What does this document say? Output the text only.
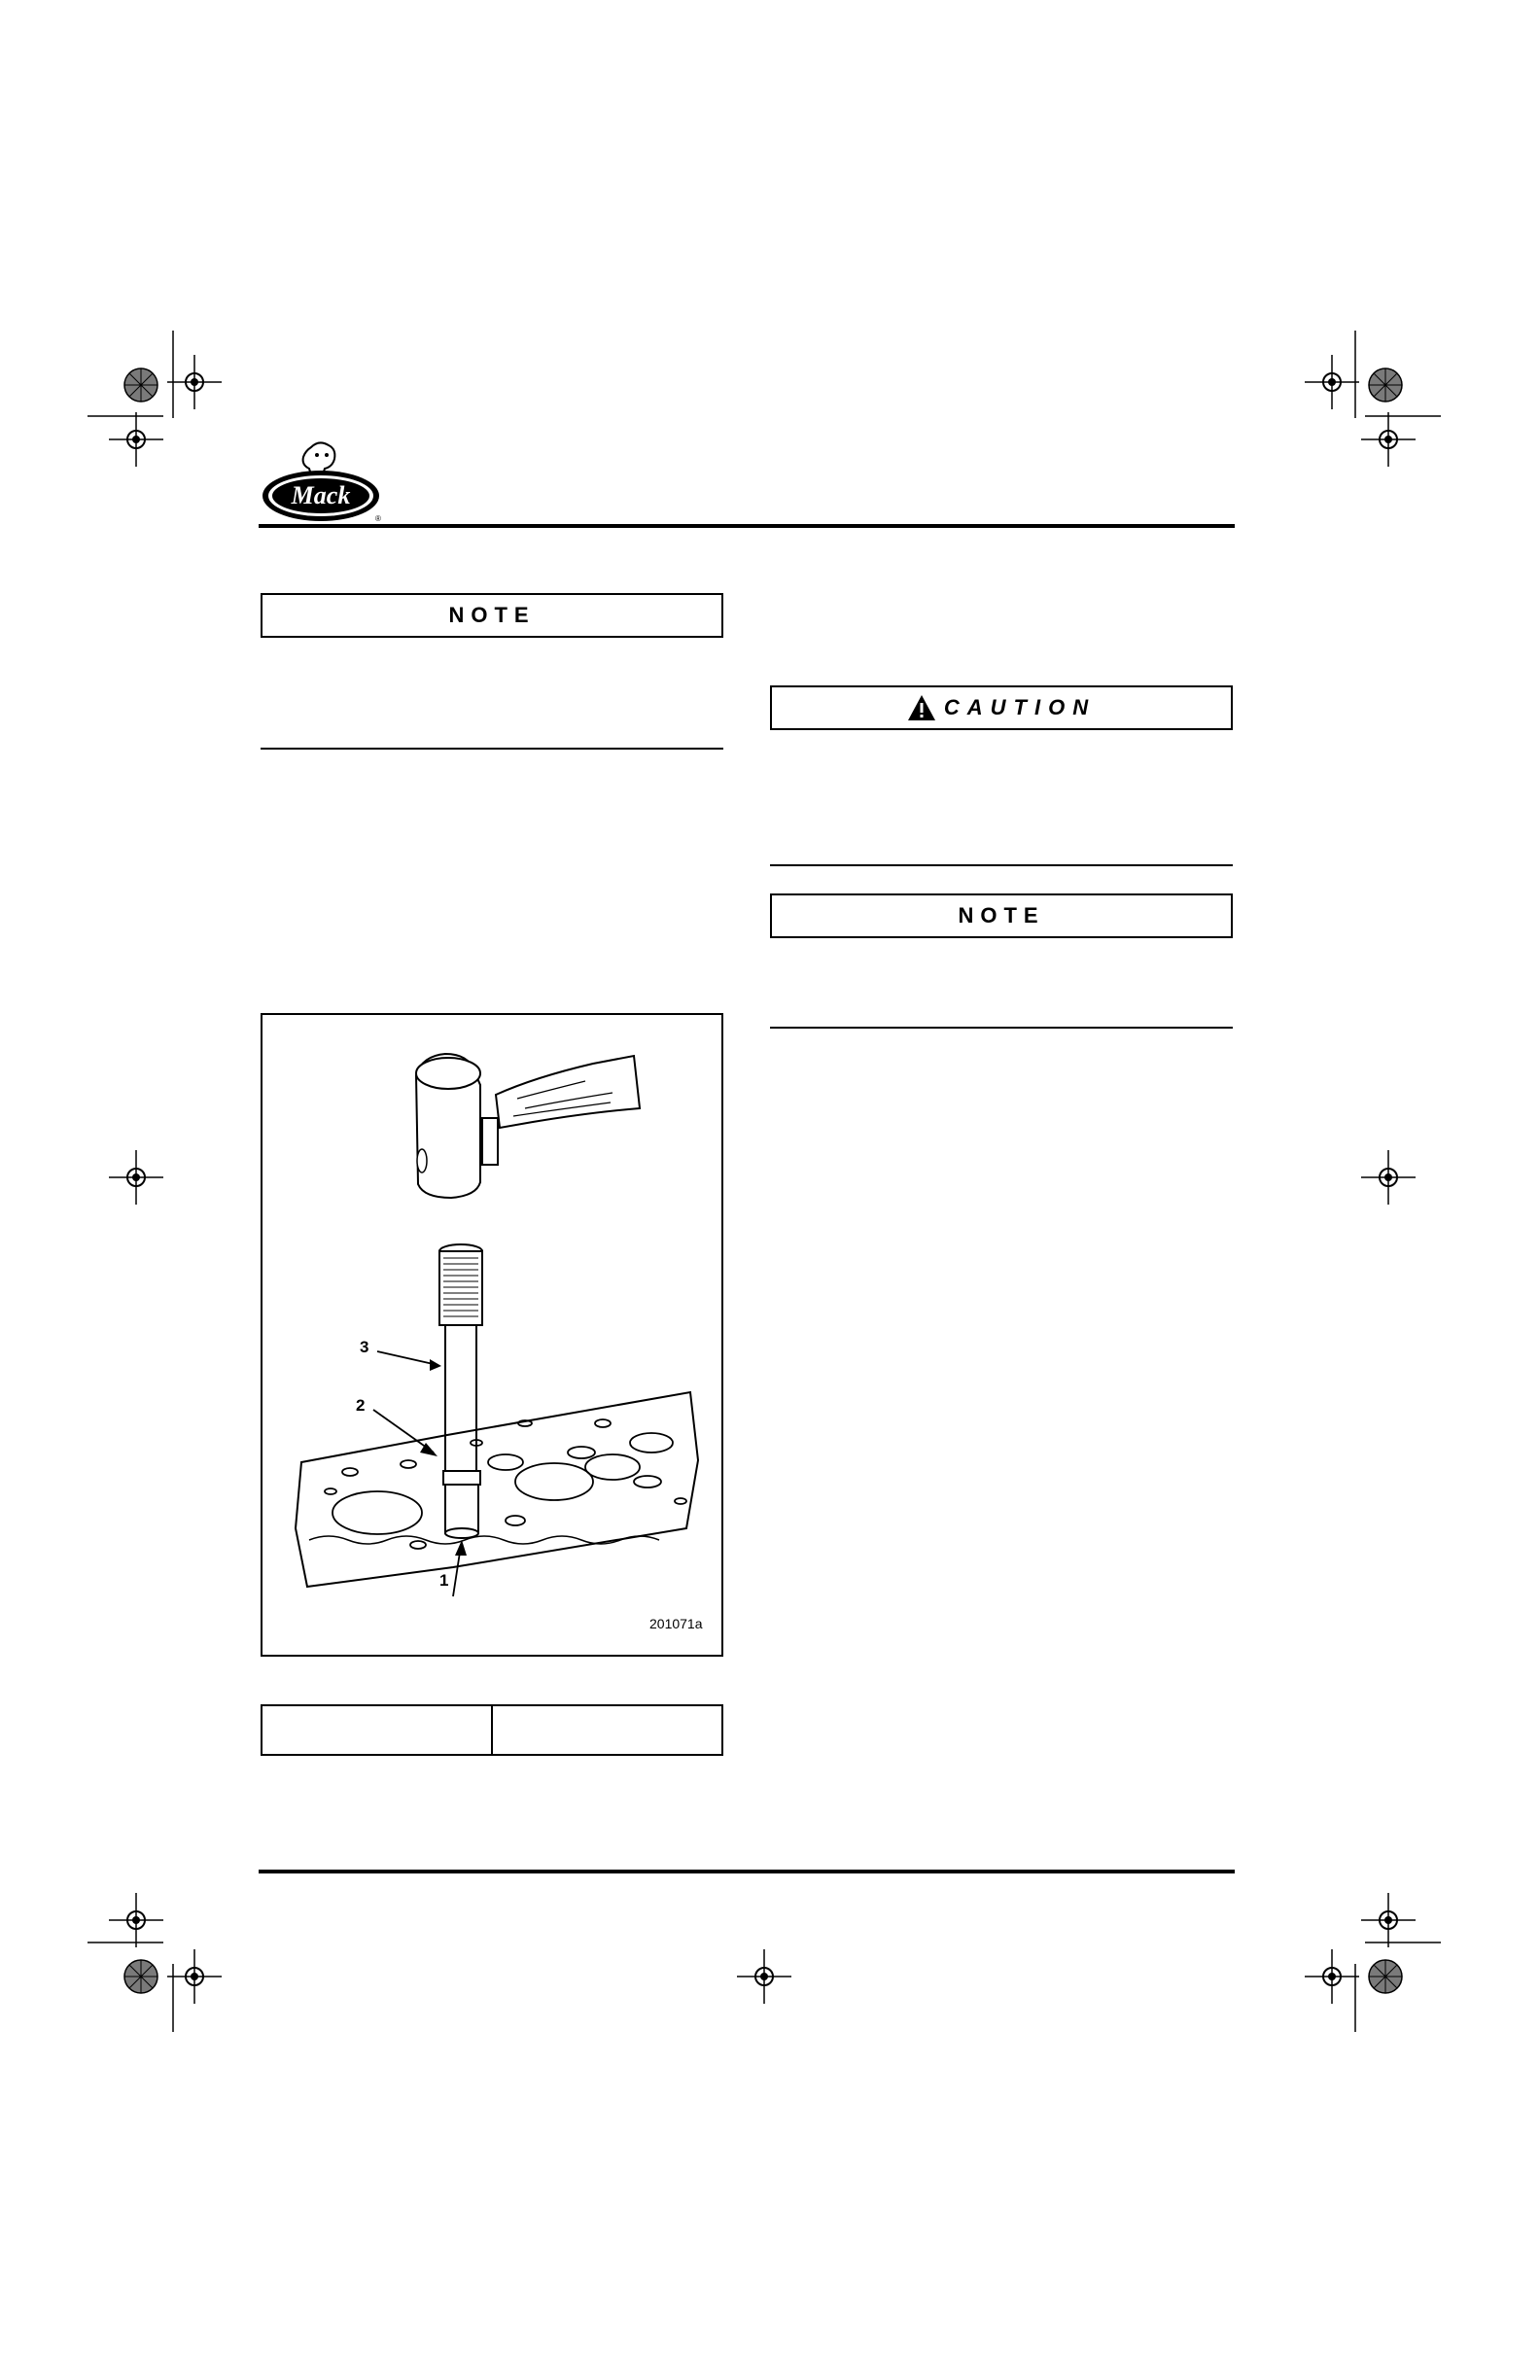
Mack
®
NOTE
3
2
1
201071a
CAUTION
NOTE
